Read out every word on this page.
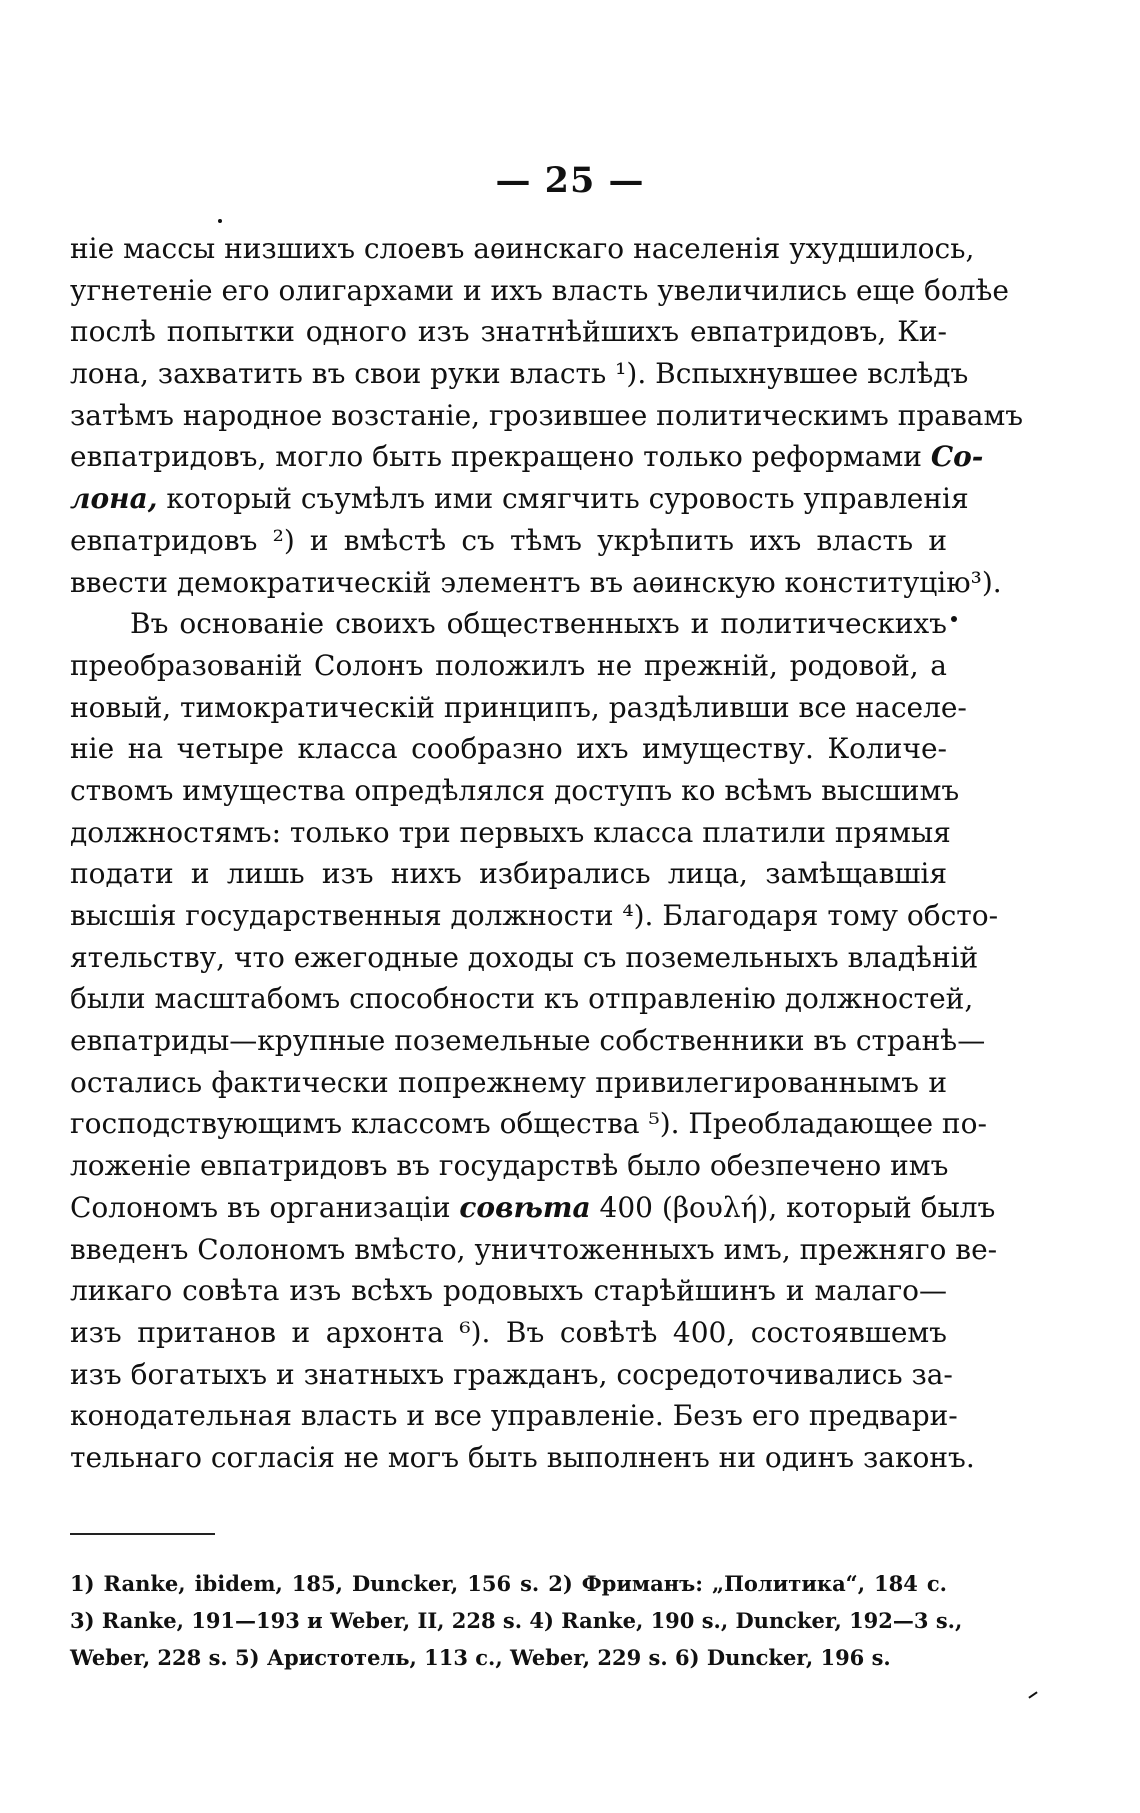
— 25 —
ніе массы низшихъ слоевъ аѳинскаго населенія ухудшилось,
угнетеніе его олигархами и ихъ власть увеличились еще болѣе
послѣ попытки одного изъ знатнѣйшихъ евпатридовъ, Ки-
лона, захватить въ свои руки власть ¹). Вспыхнувшее вслѣдъ
затѣмъ народное возстаніе, грозившее политическимъ правамъ
евпатридовъ, могло быть прекращено только реформами Со-
лона, который съумѣлъ ими смягчить суровость управленія
евпатридовъ ²) и вмѣстѣ съ тѣмъ укрѣпить ихъ власть и
ввести демократическій элементъ въ аѳинскую конституцію³).
Въ основаніе своихъ общественныхъ и политическихъ
преобразованій Солонъ положилъ не прежній, родовой, а
новый, тимократическій принципъ, раздѣливши все населе-
ніе на четыре класса сообразно ихъ имуществу. Количе-
ствомъ имущества опредѣлялся доступъ ко всѣмъ высшимъ
должностямъ: только три первыхъ класса платили прямыя
подати и лишь изъ нихъ избирались лица, замѣщавшія
высшія государственныя должности ⁴). Благодаря тому обсто-
ятельству, что ежегодные доходы съ поземельныхъ владѣній
были масштабомъ способности къ отправленію должностей,
евпатриды—крупные поземельные собственники въ странѣ—
остались фактически попрежнему привилегированнымъ и
господствующимъ классомъ общества ⁵). Преобладающее по-
ложеніе евпатридовъ въ государствѣ было обезпечено имъ
Солономъ въ организаціи совѣта 400 (βουλή), который былъ
введенъ Солономъ вмѣсто, уничтоженныхъ имъ, прежняго ве-
ликаго совѣта изъ всѣхъ родовыхъ старѣйшинъ и малаго—
изъ пританов и архонта ⁶). Въ совѣтѣ 400, состоявшемъ
изъ богатыхъ и знатныхъ гражданъ, сосредоточивались за-
конодательная власть и все управленіе. Безъ его предвари-
тельнаго согласія не могъ быть выполненъ ни одинъ законъ.
1) Ranke, ibidem, 185, Duncker, 156 s. 2) Фриманъ: „Политика“, 184 с.
3) Ranke, 191—193 и Weber, II, 228 s. 4) Ranke, 190 s., Duncker, 192—3 s.,
Weber, 228 s. 5) Аристотель, 113 с., Weber, 229 s. 6) Duncker, 196 s.
